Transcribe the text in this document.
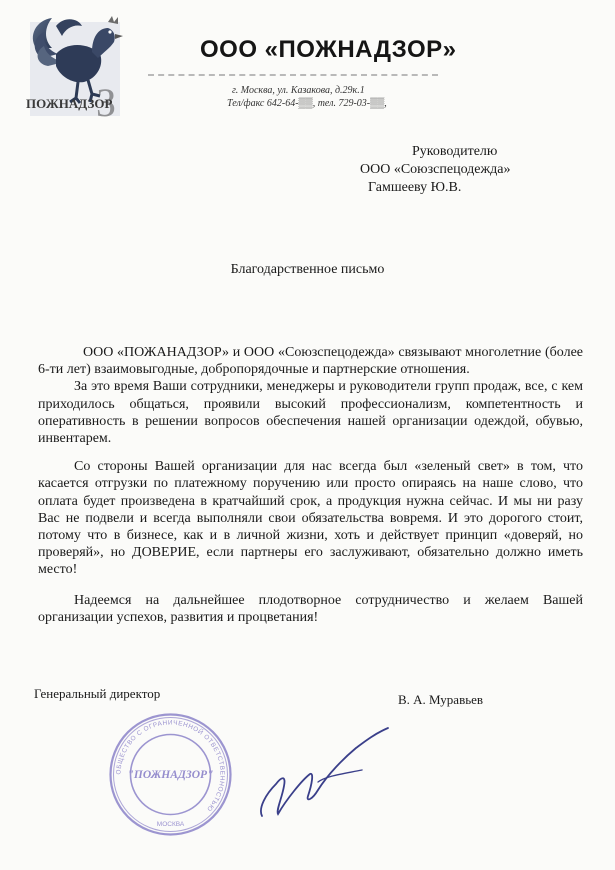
З
ПОЖНАДЗОР
ООО «ПОЖНАДЗОР»
г. Москва, ул. Казакова, д.29к.1
Тел/факс 642-64-▒▒, тел. 729-03-▒▒,
Руководителю
ООО «Союзспецодежда»
Гамшееву Ю.В.
Благодарственное письмо

ООО «ПОЖАНАДЗОР» и ООО «Союзспецодежда» связывают многолетние (более 6-ти лет) взаимовыгодные, добропорядочные и партнерские отношения.

За это время Ваши сотрудники, менеджеры и руководители групп продаж, все, с кем приходилось общаться, проявили высокий профессионализм, компетентность и оперативность в решении вопросов обеспечения нашей организации одеждой, обувью, инвентарем.

Со стороны Вашей организации для нас всегда был «зеленый свет» в том, что касается отгрузки по платежному поручению или просто опираясь на наше слово, что оплата будет произведена в кратчайший срок, а продукция нужна сейчас. И мы ни разу Вас не подвели и всегда выполняли свои обязательства вовремя. И это дорогого стоит, потому что в бизнесе, как и в личной жизни, хоть и действует принцип «доверяй, но проверяй», но ДОВЕРИЕ, если партнеры его заслуживают, обязательно должно иметь место!

Надеемся на дальнейшее плодотворное сотрудничество и желаем Вашей организации успехов, развития и процветания!

Генеральный директор	В. А. Муравьев
ОБЩЕСТВО С ОГРАНИЧЕННОЙ ОТВЕТСТВЕННОСТЬЮ
"ПОЖНАДЗОР"
МОСКВА
